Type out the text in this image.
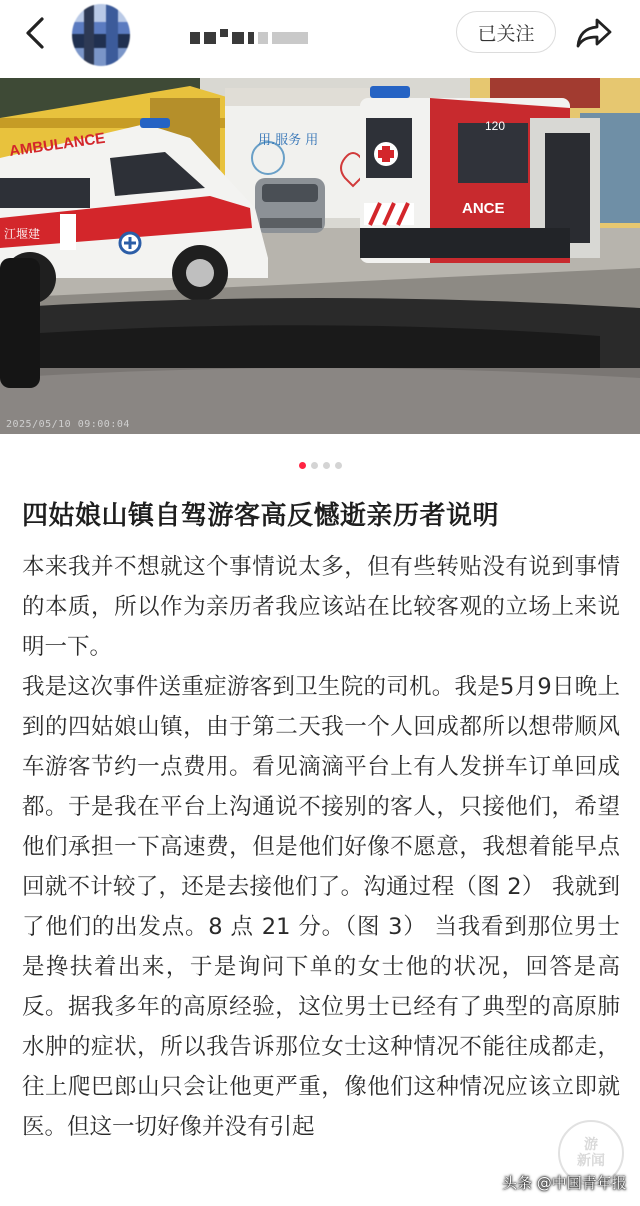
已关注
用.服务 用
AMBULANCE
江堰建
120
ANCE
2025/05/10 09:00:04
四姑娘山镇自驾游客高反憾逝亲历者说明

本来我并不想就这个事情说太多，但有些转贴没有说到事情的本质，所以作为亲历者我应该站在比较客观的立场上来说明一下。

我是这次事件送重症游客到卫生院的司机。我是5月9日晚上到的四姑娘山镇，由于第二天我一个人回成都所以想带顺风车游客节约一点费用。看见滴滴平台上有人发拼车订单回成都。于是我在平台上沟通说不接别的客人，只接他们，希望他们承担一下高速费，但是他们好像不愿意，我想着能早点回就不计较了，还是去接他们了。沟通过程（图 2） 我就到了他们的出发点。8 点 21 分。（图 3） 当我看到那位男士是搀扶着出来，于是询问下单的女士他的状况，回答是高反。据我多年的高原经验，这位男士已经有了典型的高原肺水肿的症状，所以我告诉那位女士这种情况不能往成都走，往上爬巴郎山只会让他更严重，像他们这种情况应该立即就医。但这一切好像并没有引起

游
新闻
头条 @中国青年报
